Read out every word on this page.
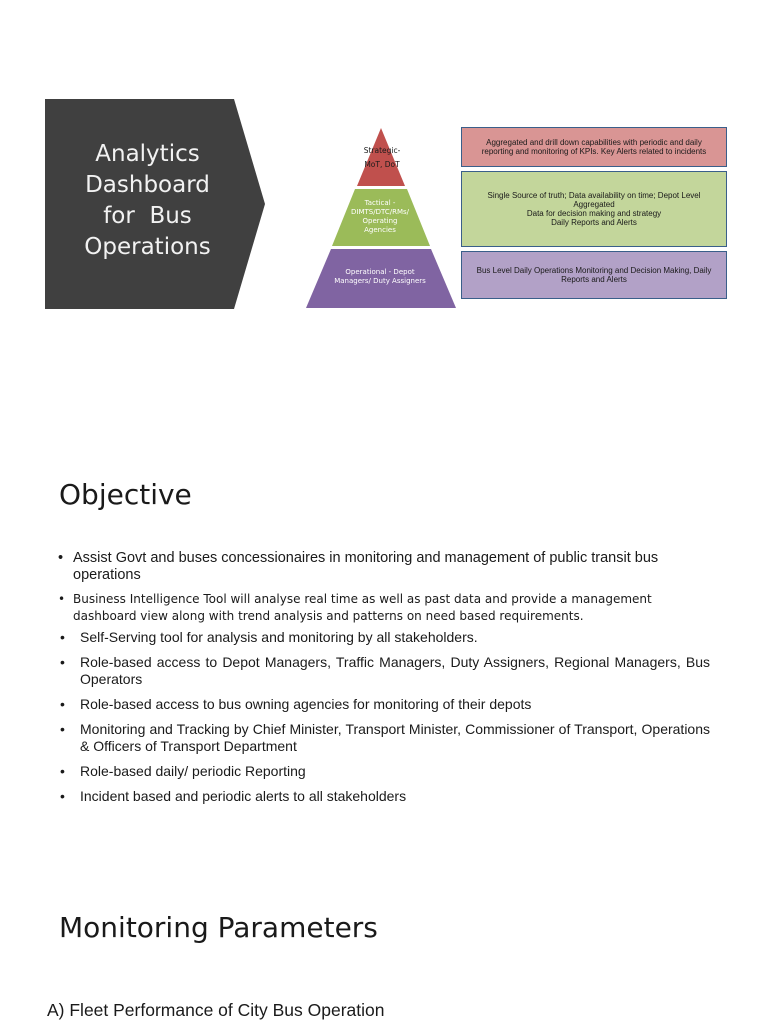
Analytics
Dashboard
for  Bus
Operations
Strategic-
MoT, DoT
Tactical -
DIMTS/DTC/RMs/
Operating
Agencies
Operational - Depot
Managers/ Duty Assigners
Aggregated and drill down capabilities with periodic and daily
reporting and monitoring of KPIs. Key Alerts related to incidents
Single Source of truth; Data availability on time; Depot Level Aggregated
Data for decision making and strategy
Daily Reports and Alerts
Bus Level Daily Operations Monitoring and Decision Making, Daily
Reports and Alerts
Objective
• Assist Govt and buses concessionaires in monitoring and management of public transit bus operations
• Business Intelligence Tool will analyse real time as well as past data and provide a management dashboard view along with trend analysis and patterns on need based requirements.
• Self-Serving tool for analysis and monitoring by all stakeholders.
• Role-based access to Depot Managers, Traffic Managers, Duty Assigners, Regional Managers, Bus Operators
• Role-based access to bus owning agencies for monitoring of their depots
• Monitoring and Tracking by Chief Minister, Transport Minister, Commissioner of Transport, Operations & Officers of Transport Department
• Role-based daily/ periodic Reporting
• Incident based and periodic alerts to all stakeholders
Monitoring Parameters
A) Fleet Performance of City Bus Operation
